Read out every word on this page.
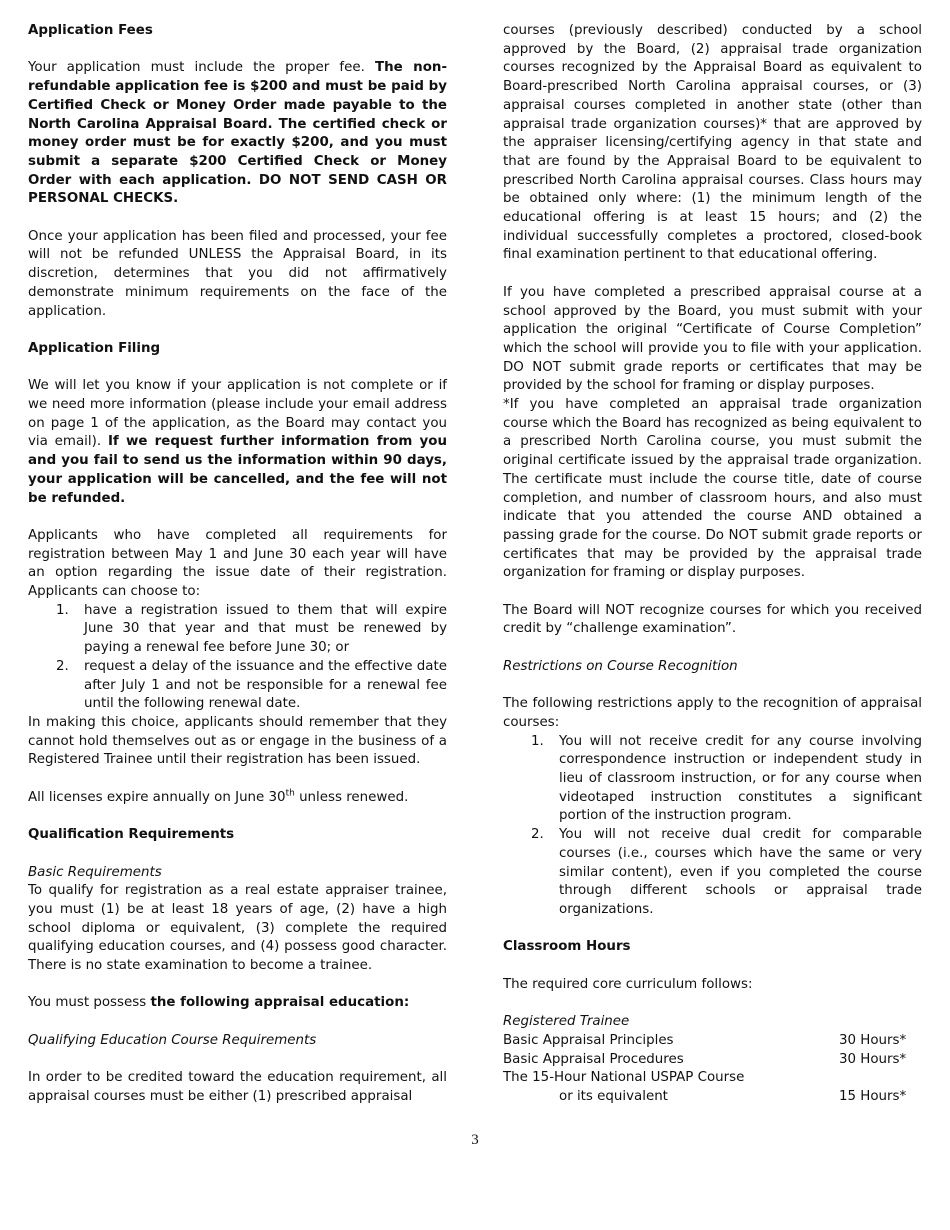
Application Fees

Your application must include the proper fee. The non-refundable application fee is $200 and must be paid by Certified Check or Money Order made payable to the North Carolina Appraisal Board. The certified check or money order must be for exactly $200, and you must submit a separate $200 Certified Check or Money Order with each application. DO NOT SEND CASH OR PERSONAL CHECKS.

Once your application has been filed and processed, your fee will not be refunded UNLESS the Appraisal Board, in its discretion, determines that you did not affirmatively demonstrate minimum requirements on the face of the application.

Application Filing

We will let you know if your application is not complete or if we need more information (please include your email address on page 1 of the application, as the Board may contact you via email). If we request further information from you and you fail to send us the information within 90 days, your application will be cancelled, and the fee will not be refunded.

Applicants who have completed all requirements for registration between May 1 and June 30 each year will have an option regarding the issue date of their registration. Applicants can choose to:

1. have a registration issued to them that will expire June 30 that year and that must be renewed by paying a renewal fee before June 30; or
2. request a delay of the issuance and the effective date after July 1 and not be responsible for a renewal fee until the following renewal date.

In making this choice, applicants should remember that they cannot hold themselves out as or engage in the business of a Registered Trainee until their registration has been issued.

All licenses expire annually on June 30th unless renewed.

Qualification Requirements
Basic Requirements

To qualify for registration as a real estate appraiser trainee, you must (1) be at least 18 years of age, (2) have a high school diploma or equivalent, (3) complete the required qualifying education courses, and (4) possess good character. There is no state examination to become a trainee.

You must possess the following appraisal education:

Qualifying Education Course Requirements

In order to be credited toward the education requirement, all appraisal courses must be either (1) prescribed appraisal

courses (previously described) conducted by a school approved by the Board, (2) appraisal trade organization courses recognized by the Appraisal Board as equivalent to Board-prescribed North Carolina appraisal courses, or (3) appraisal courses completed in another state (other than appraisal trade organization courses)* that are approved by the appraiser licensing/certifying agency in that state and that are found by the Appraisal Board to be equivalent to prescribed North Carolina appraisal courses. Class hours may be obtained only where: (1) the minimum length of the educational offering is at least 15 hours; and (2) the individual successfully completes a proctored, closed-book final examination pertinent to that educational offering.

If you have completed a prescribed appraisal course at a school approved by the Board, you must submit with your application the original “Certificate of Course Completion” which the school will provide you to file with your application. DO NOT submit grade reports or certificates that may be provided by the school for framing or display purposes.

*If you have completed an appraisal trade organization course which the Board has recognized as being equivalent to a prescribed North Carolina course, you must submit the original certificate issued by the appraisal trade organization. The certificate must include the course title, date of course completion, and number of classroom hours, and also must indicate that you attended the course AND obtained a passing grade for the course. Do NOT submit grade reports or certificates that may be provided by the appraisal trade organization for framing or display purposes.

The Board will NOT recognize courses for which you received credit by “challenge examination”.

Restrictions on Course Recognition

The following restrictions apply to the recognition of appraisal courses:

1. You will not receive credit for any course involving correspondence instruction or independent study in lieu of classroom instruction, or for any course when videotaped instruction constitutes a significant portion of the instruction program.
2. You will not receive dual credit for comparable courses (i.e., courses which have the same or very similar content), even if you completed the course through different schools or appraisal trade organizations.
Classroom Hours

The required core curriculum follows:

Registered Trainee
Basic Appraisal Principles	30 Hours*
Basic Appraisal Procedures	30 Hours*
The 15-Hour National USPAP Course	
or its equivalent	15 Hours*
3
